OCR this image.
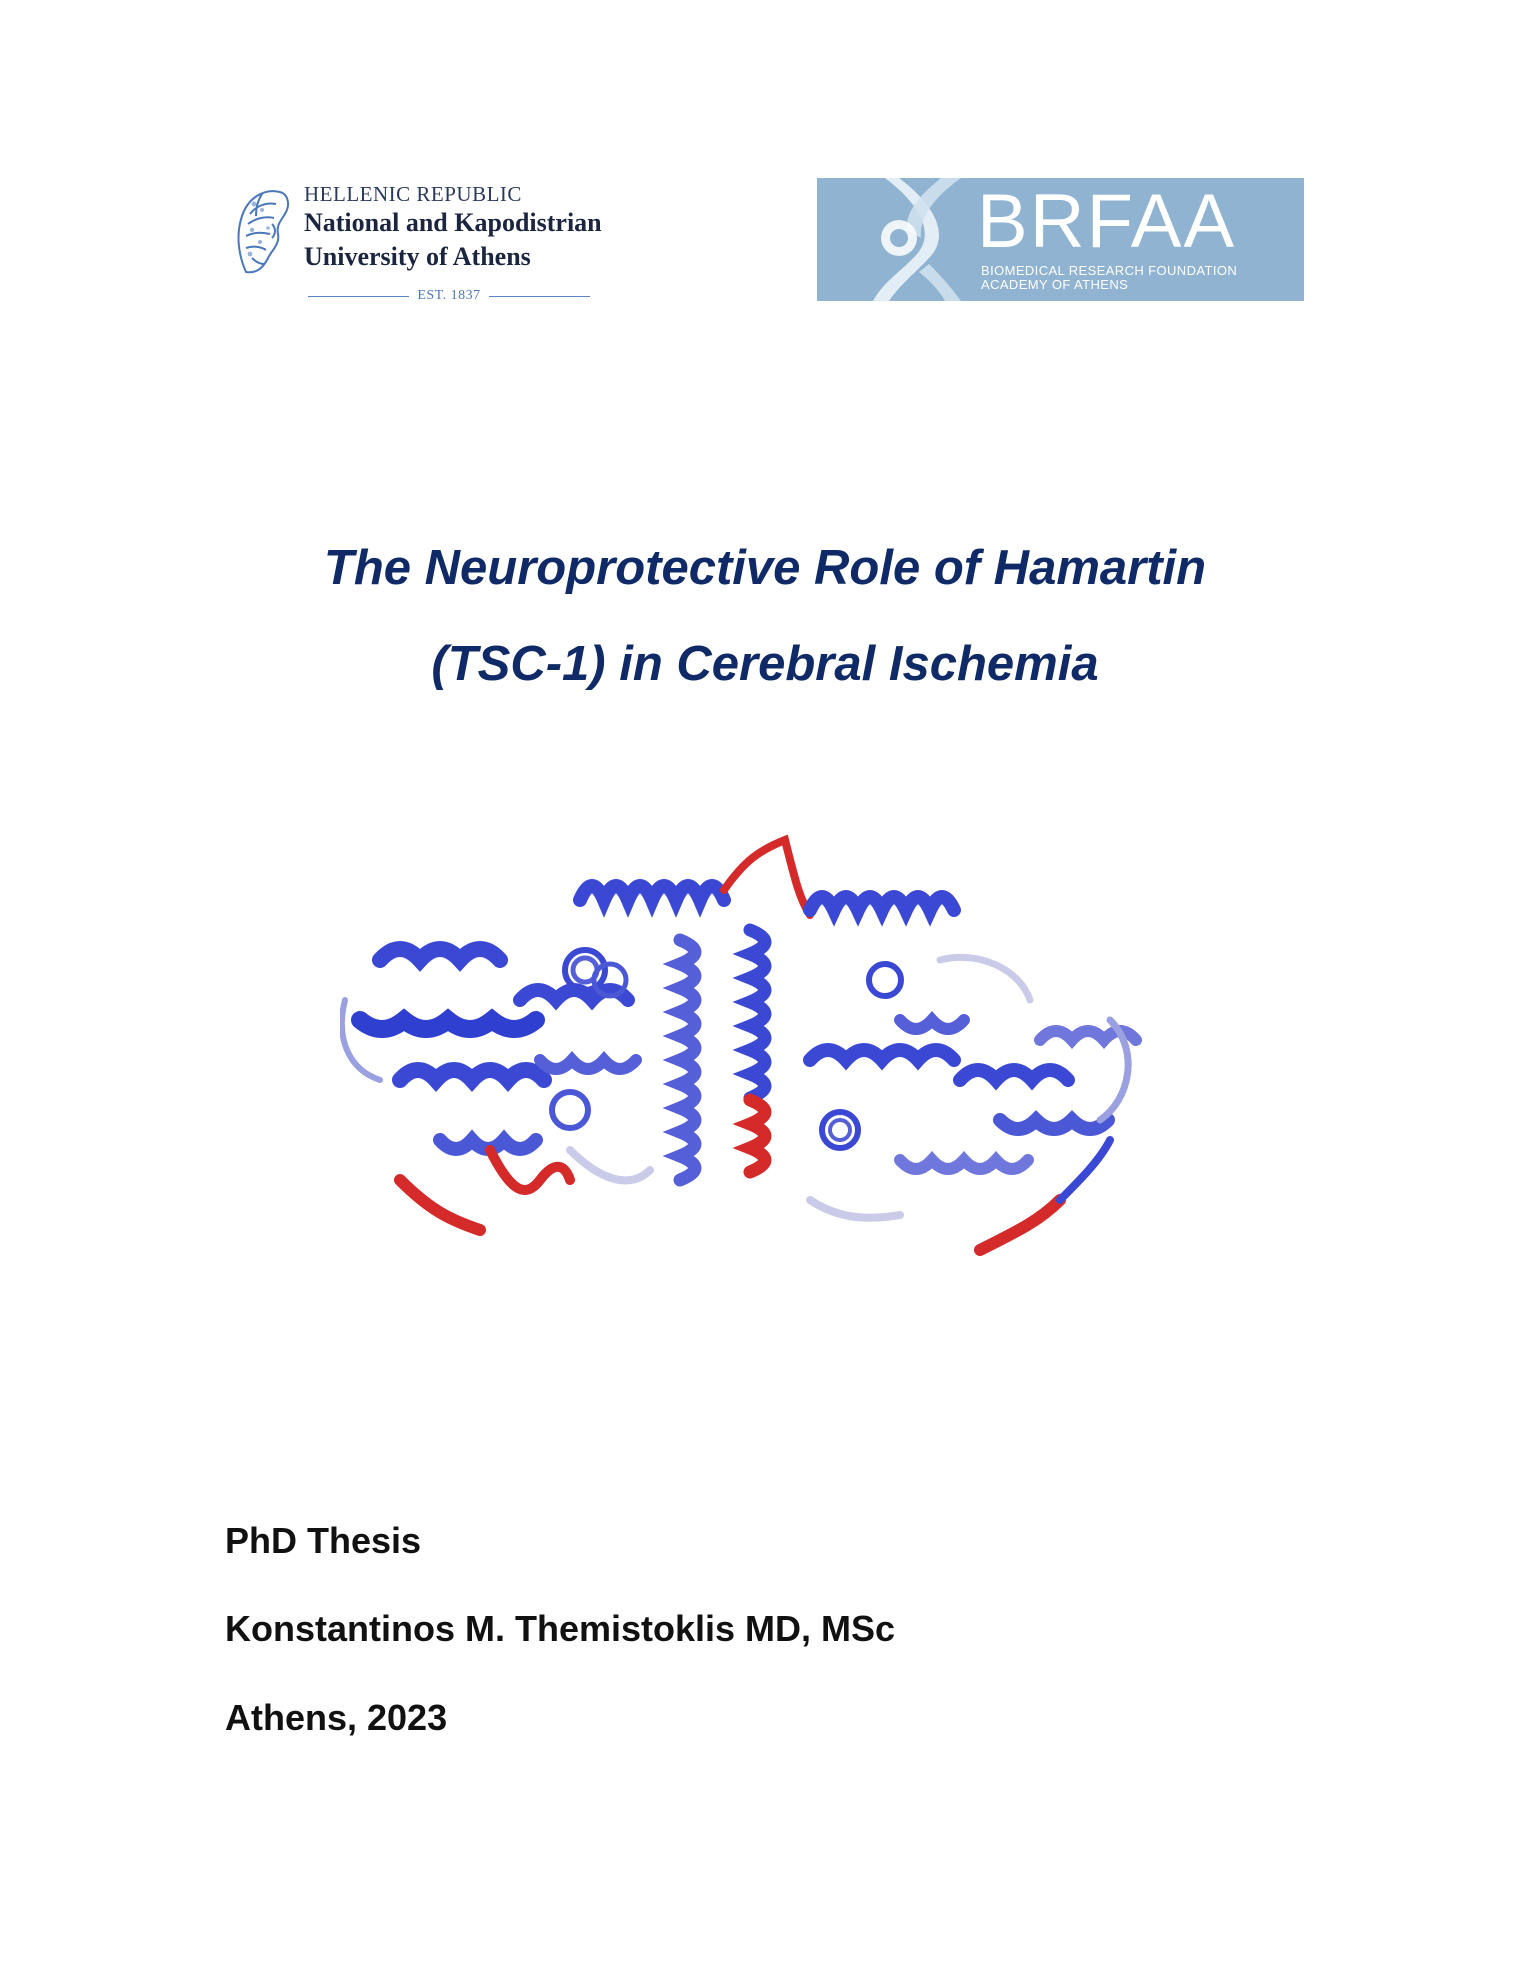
HELLENIC REPUBLIC
National and Kapodistrian
University of Athens
EST. 1837
BRFAA
BIOMEDICAL RESEARCH FOUNDATION
ACADEMY OF ATHENS
The Neuroprotective Role of Hamartin
(TSC-1) in Cerebral Ischemia
PhD Thesis
Konstantinos M. Themistoklis MD, MSc
Athens, 2023
